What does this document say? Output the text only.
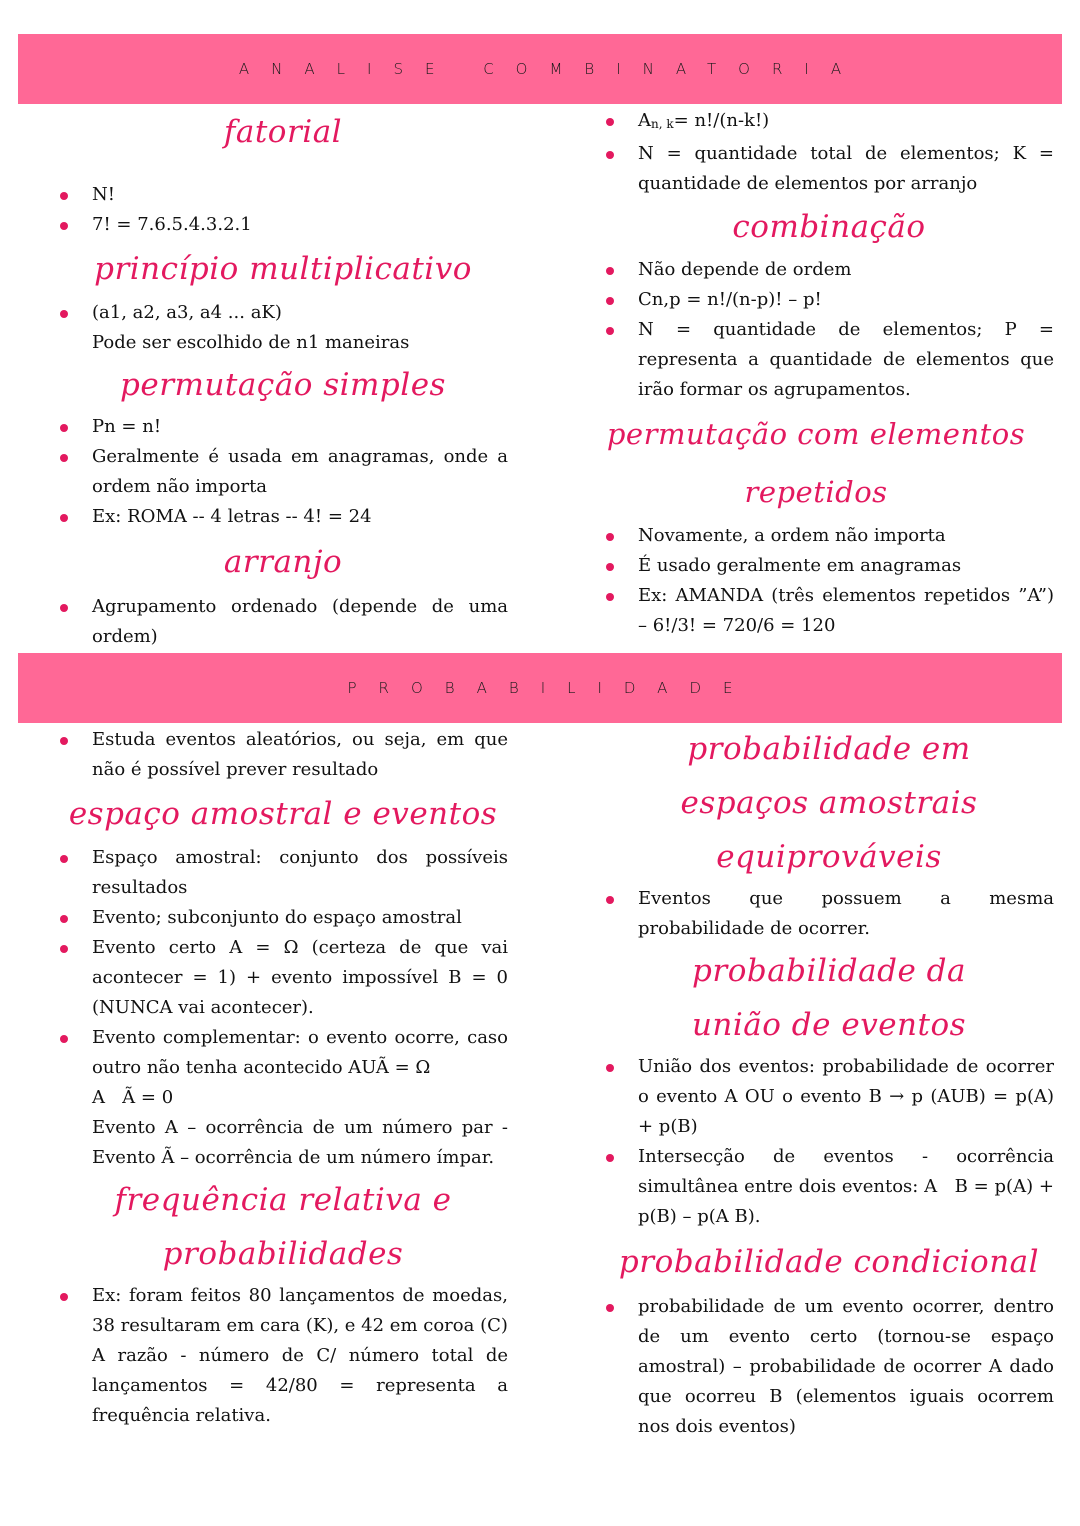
ANALISE COMBINATORIA
fatorial
N!
7! = 7.6.5.4.3.2.1
princípio multiplicativo
(a1, a2, a3, a4 ... aK)
Pode ser escolhido de n1 maneiras
permutação simples
Pn = n!
Geralmente é usada em anagramas, onde a ordem não importa
Ex: ROMA -- 4 letras -- 4! = 24
arranjo
Agrupamento ordenado (depende de uma ordem)
$A_{n, k}= n!/(n-k!)$
N = quantidade total de elementos; K = quantidade de elementos por arranjo
combinação
Não depende de ordem
Cn,p = n!/(n-p)! – p!
N = quantidade de elementos; P = representa a quantidade de elementos que irão formar os agrupamentos.
permutação com elementos repetidos
Novamente, a ordem não importa
É usado geralmente em anagramas
Ex: AMANDA (três elementos repetidos ”A”) – 6!/3! = 720/6 = 120
PROBABILIDADE
Estuda eventos aleatórios, ou seja, em que não é possível prever resultado
espaço amostral e eventos
Espaço amostral: conjunto dos possíveis resultados
Evento; subconjunto do espaço amostral
Evento certo A = Ω (certeza de que vai acontecer = 1) + evento impossível B = 0 (NUNCA vai acontecer).
Evento complementar: o evento ocorre, caso outro não tenha acontecido AUÃ = Ω
A   Ã = 0
Evento A – ocorrência de um número par - Evento Ã – ocorrência de um número ímpar.
frequência relativa e probabilidades
Ex: foram feitos 80 lançamentos de moedas, 38 resultaram em cara (K), e 42 em coroa (C)
A razão - número de C/ número total de lançamentos = 42/80 = representa a frequência relativa.
probabilidade em espaços amostrais equiprováveis
Eventos que possuem a mesma probabilidade de ocorrer.
probabilidade da união de eventos
União dos eventos: probabilidade de ocorrer o evento A OU o evento B → p (AUB) = p(A) + p(B)
Intersecção de eventos - ocorrência simultânea entre dois eventos: A   B = p(A) + p(B) – p(A B).
probabilidade condicional
probabilidade de um evento ocorrer, dentro de um evento certo (tornou-se espaço amostral) – probabilidade de ocorrer A dado que ocorreu B (elementos iguais ocorrem nos dois eventos)
